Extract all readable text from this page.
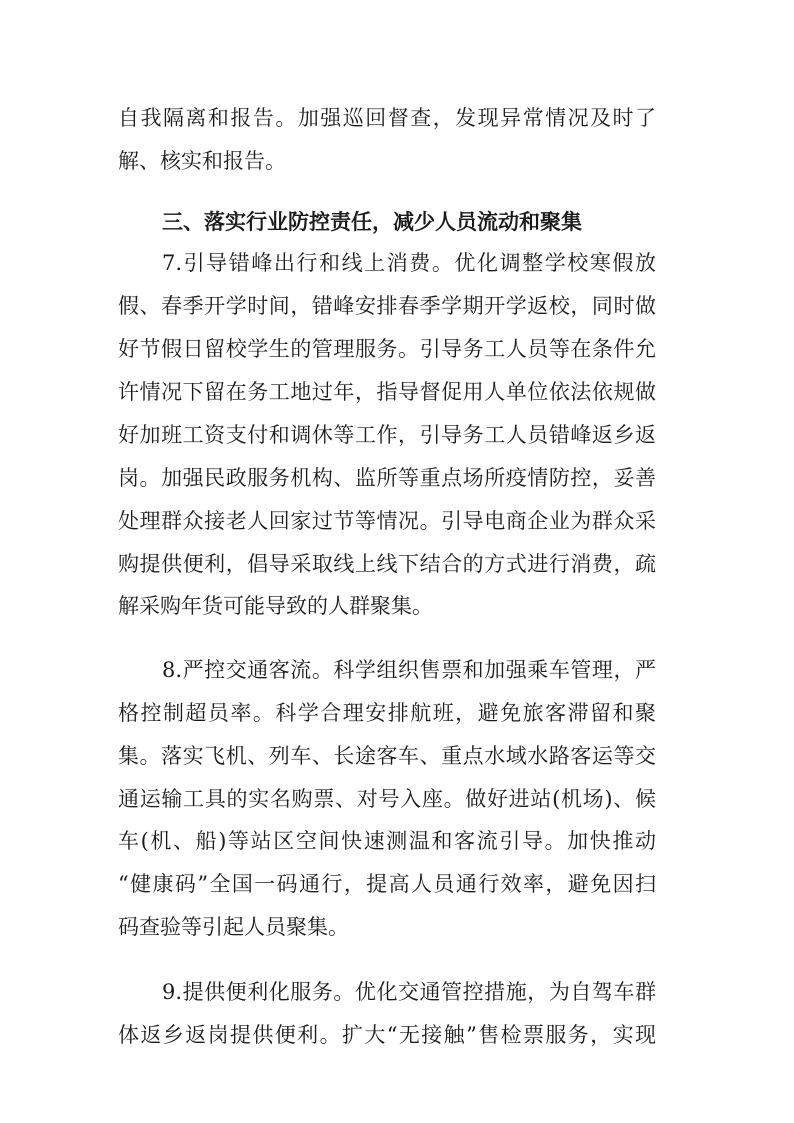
自我隔离和报告。加强巡回督查，发现异常情况及时了
解、核实和报告。
三、落实行业防控责任，减少人员流动和聚集
7.引导错峰出行和线上消费。优化调整学校寒假放
假、春季开学时间，错峰安排春季学期开学返校，同时做
好节假日留校学生的管理服务。引导务工人员等在条件允
许情况下留在务工地过年，指导督促用人单位依法依规做
好加班工资支付和调休等工作，引导务工人员错峰返乡返
岗。加强民政服务机构、监所等重点场所疫情防控，妥善
处理群众接老人回家过节等情况。引导电商企业为群众采
购提供便利，倡导采取线上线下结合的方式进行消费，疏
解采购年货可能导致的人群聚集。
8.严控交通客流。科学组织售票和加强乘车管理，严
格控制超员率。科学合理安排航班，避免旅客滞留和聚
集。落实飞机、列车、长途客车、重点水域水路客运等交
通运输工具的实名购票、对号入座。做好进站(机场)、候
车(机、船)等站区空间快速测温和客流引导。加快推动
“健康码”全国一码通行，提高人员通行效率，避免因扫
码查验等引起人员聚集。
9.提供便利化服务。优化交通管控措施，为自驾车群
体返乡返岗提供便利。扩大“无接触”售检票服务，实现
